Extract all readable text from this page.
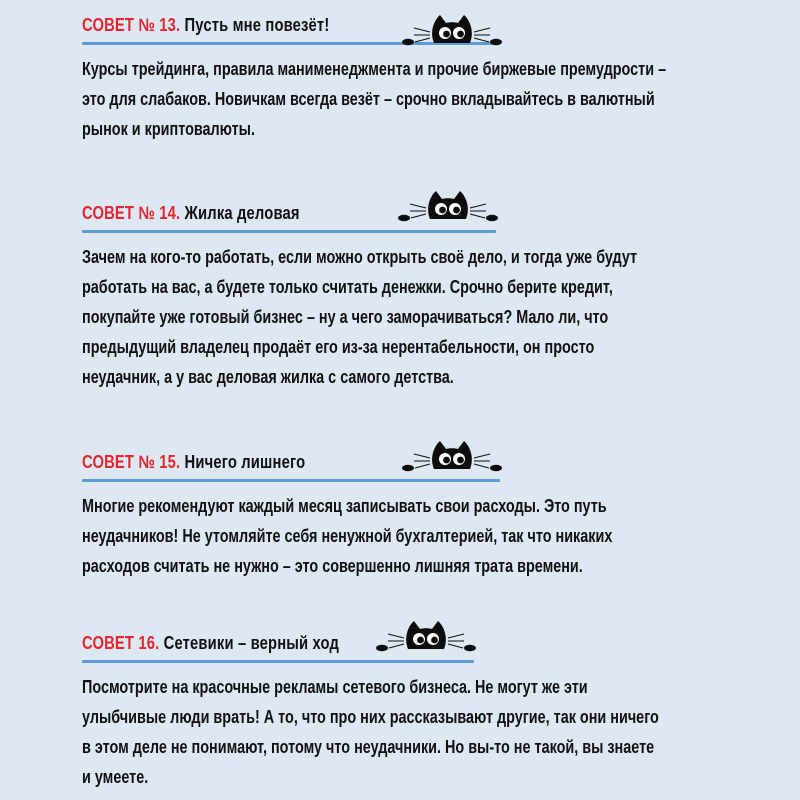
СОВЕТ № 13. Пусть мне повезёт!
Курсы трейдинга, правила манименеджмента и прочие биржевые премудрости –
это для слабаков. Новичкам всегда везёт – срочно вкладывайтесь в валютный
рынок и криптовалюты.
СОВЕТ № 14. Жилка деловая
Зачем на кого-то работать, если можно открыть своё дело, и тогда уже будут
работать на вас, а будете только считать денежки. Срочно берите кредит,
покупайте уже готовый бизнес – ну а чего заморачиваться? Мало ли, что
предыдущий владелец продаёт его из-за нерентабельности, он просто
неудачник, а у вас деловая жилка с самого детства.
СОВЕТ № 15. Ничего лишнего
Многие рекомендуют каждый месяц записывать свои расходы. Это путь
неудачников! Не утомляйте себя ненужной бухгалтерией, так что никаких
расходов считать не нужно – это совершенно лишняя трата времени.
СОВЕТ 16. Сетевики – верный ход
Посмотрите на красочные рекламы сетевого бизнеса. Не могут же эти
улыбчивые люди врать! А то, что про них рассказывают другие, так они ничего
в этом деле не понимают, потому что неудачники. Но вы-то не такой, вы знаете
и умеете.
